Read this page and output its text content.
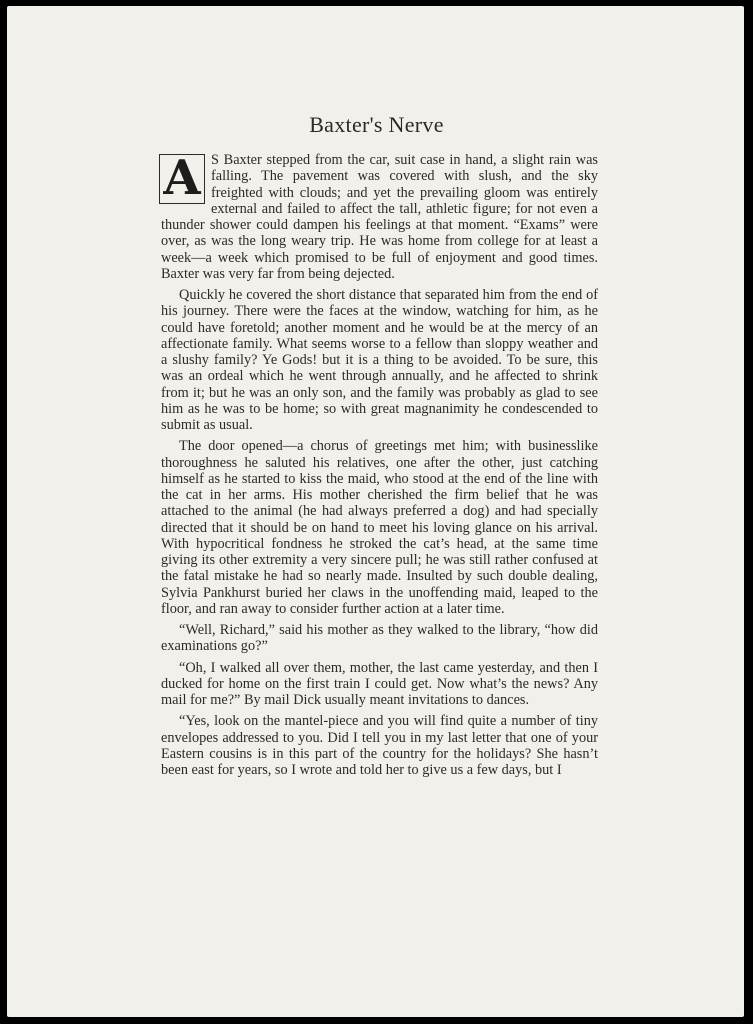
Baxter's Nerve

A S Baxter stepped from the car, suit case in hand, a slight rain was falling. The pavement was covered with slush, and the sky freighted with clouds; and yet the prevailing gloom was entirely external and failed to affect the tall, athletic figure; for not even a thunder shower could dampen his feelings at that moment. “Exams” were over, as was the long weary trip. He was home from college for at least a week—a week which promised to be full of enjoyment and good times. Baxter was very far from being dejected.

Quickly he covered the short distance that separated him from the end of his journey. There were the faces at the window, watching for him, as he could have foretold; another moment and he would be at the mercy of an affectionate family. What seems worse to a fellow than sloppy weather and a slushy family? Ye Gods! but it is a thing to be avoided. To be sure, this was an ordeal which he went through annually, and he affected to shrink from it; but he was an only son, and the family was probably as glad to see him as he was to be home; so with great magnanimity he condescended to submit as usual.

The door opened—a chorus of greetings met him; with businesslike thoroughness he saluted his relatives, one after the other, just catching himself as he started to kiss the maid, who stood at the end of the line with the cat in her arms. His mother cherished the firm belief that he was attached to the animal (he had always preferred a dog) and had specially directed that it should be on hand to meet his loving glance on his arrival. With hypocritical fondness he stroked the cat’s head, at the same time giving its other extremity a very sincere pull; he was still rather confused at the fatal mistake he had so nearly made. Insulted by such double dealing, Sylvia Pankhurst buried her claws in the unoffending maid, leaped to the floor, and ran away to consider further action at a later time.

“Well, Richard,” said his mother as they walked to the library, “how did examinations go?”

“Oh, I walked all over them, mother, the last came yesterday, and then I ducked for home on the first train I could get. Now what’s the news? Any mail for me?” By mail Dick usually meant invitations to dances.

“Yes, look on the mantel-piece and you will find quite a number of tiny envelopes addressed to you. Did I tell you in my last letter that one of your Eastern cousins is in this part of the country for the holidays? She hasn’t been east for years, so I wrote and told her to give us a few days, but I
